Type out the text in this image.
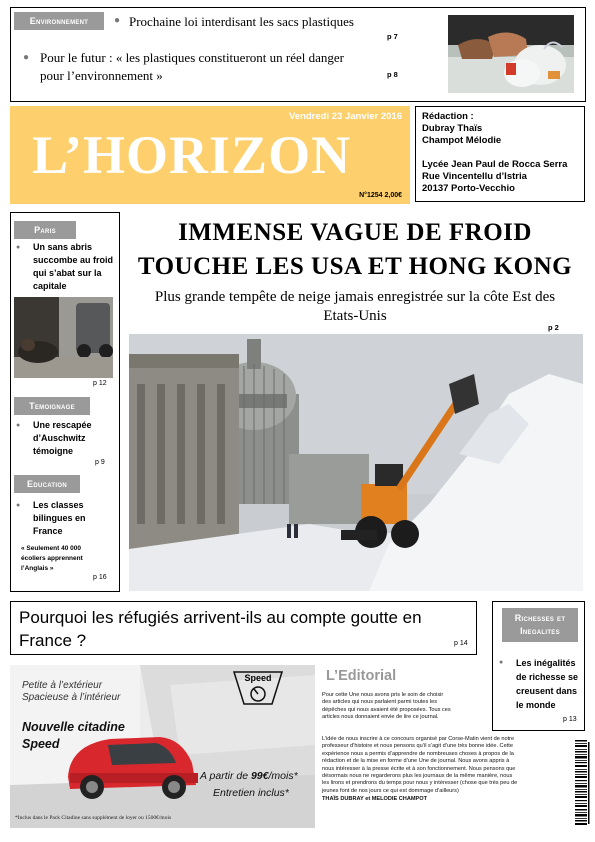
Environnement	● Prochaine loi interdisant les sacs plastiques
p 7
● Pour le futur : « les plastiques constitueront un réel danger
pour l’environnement »	p 8
Vendredi 23 Janvier 2016
L’HORIZON
N°1254 2,00€
Rédaction :
Dubray Thaïs
Champot Mélodie
Lycée Jean Paul de Rocca Serra
Rue Vincentellu d’Istria
20137 Porto-Vecchio
Paris
● Un sans abris
succombe au froid
qui s’abat sur la
capitale
p 12
Temoignage
● Une rescapée
d’Auschwitz
témoigne
p 9
Education
● Les classes
bilingues en
France
« Seulement 40 000
écoliers apprennent
l’Anglais »
p 16
IMMENSE VAGUE DE FROID
TOUCHE LES USA ET HONG KONG
Plus grande tempête de neige jamais enregistrée sur la côte Est des
Etats-Unis
p 2
Pourquoi les réfugiés arrivent-ils au compte goutte en
France ?	p 14
Richesses et
Inegalites
● Les inégalités
de richesse se
creusent dans
le monde
p 13
Petite à l’extérieur
Spacieuse à l’intérieur
Nouvelle citadine
Speed
Speed
A partir de 99€/mois*
Entretien inclus*
*Inclus dans le Pack Citadine sans supplément de loyer ou 1500€/mois
L’Editorial
Pour cette Une nous avons pris le soin de choisir
des articles qui nous parlaient parmi toutes les
dépêches qui nous avaient été proposées. Tous ces
articles nous donnaient envie de lire ce journal.
L’idée de nous inscrire à ce concours organisé par Corse-Matin vient de notre
professeur d’histoire et nous pensons qu’il s’agit d’une très bonne idée. Cette
expérience nous a permis d’apprendre de nombreuses choses à propos de la
rédaction et de la mise en forme d’une Une de journal. Nous avons appris à
nous intéresser à la presse écrite et à son fonctionnement. Nous pensons que
désormais nous ne regarderons plus les journaux de la même manière, nous
les lirons et prendrons du temps pour nous y intéresser (chose que très peu de
jeunes font de nos jours ce qui est dommage d’ailleurs)
THAÏS DUBRAY et MELODIE CHAMPOT
